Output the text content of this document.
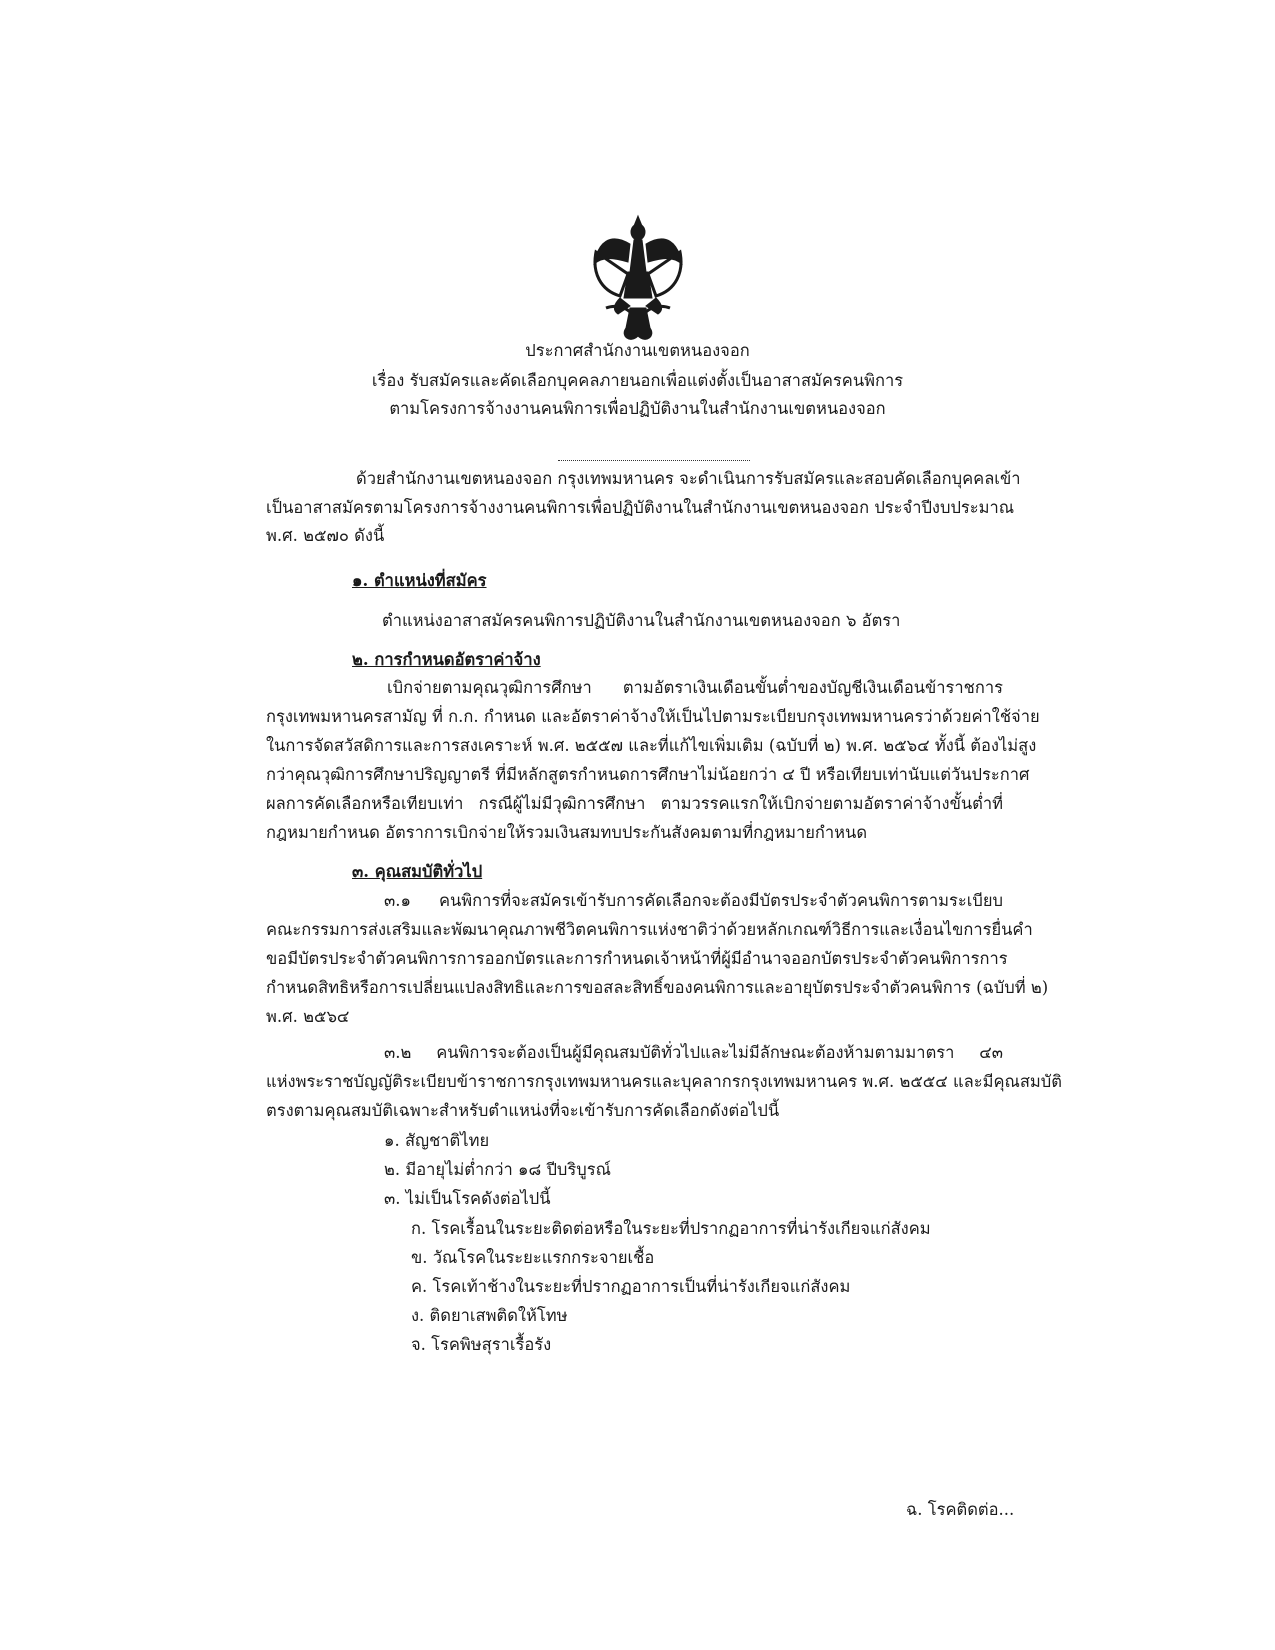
ประกาศสำนักงานเขตหนองจอก
เรื่อง รับสมัครและคัดเลือกบุคคลภายนอกเพื่อแต่งตั้งเป็นอาสาสมัครคนพิการ
ตามโครงการจ้างงานคนพิการเพื่อปฏิบัติงานในสำนักงานเขตหนองจอก
ด้วยสำนักงานเขตหนองจอก กรุงเทพมหานคร จะดำเนินการรับสมัครและสอบคัดเลือกบุคคลเข้า
เป็นอาสาสมัครตามโครงการจ้างงานคนพิการเพื่อปฏิบัติงานในสำนักงานเขตหนองจอก ประจำปีงบประมาณ
พ.ศ. ๒๕๗๐ ดังนี้
๑. ตำแหน่งที่สมัคร
ตำแหน่งอาสาสมัครคนพิการปฏิบัติงานในสำนักงานเขตหนองจอก ๖ อัตรา
๒. การกำหนดอัตราค่าจ้าง
เบิกจ่ายตามคุณวุฒิการศึกษา ตามอัตราเงินเดือนขั้นต่ำของบัญชีเงินเดือนข้าราชการ
กรุงเทพมหานครสามัญ ที่ ก.ก. กำหนด และอัตราค่าจ้างให้เป็นไปตามระเบียบกรุงเทพมหานครว่าด้วยค่าใช้จ่าย
ในการจัดสวัสดิการและการสงเคราะห์ พ.ศ. ๒๕๕๗ และที่แก้ไขเพิ่มเติม (ฉบับที่ ๒) พ.ศ. ๒๕๖๔ ทั้งนี้ ต้องไม่สูง
กว่าคุณวุฒิการศึกษาปริญญาตรี ที่มีหลักสูตรกำหนดการศึกษาไม่น้อยกว่า ๔ ปี หรือเทียบเท่านับแต่วันประกาศ
ผลการคัดเลือกหรือเทียบเท่า กรณีผู้ไม่มีวุฒิการศึกษา ตามวรรคแรกให้เบิกจ่ายตามอัตราค่าจ้างขั้นต่ำที่
กฎหมายกำหนด อัตราการเบิกจ่ายให้รวมเงินสมทบประกันสังคมตามที่กฎหมายกำหนด
๓. คุณสมบัติทั่วไป
๓.๑ คนพิการที่จะสมัครเข้ารับการคัดเลือกจะต้องมีบัตรประจำตัวคนพิการตามระเบียบ
คณะกรรมการส่งเสริมและพัฒนาคุณภาพชีวิตคนพิการแห่งชาติว่าด้วยหลักเกณฑ์วิธีการและเงื่อนไขการยื่นคำ
ขอมีบัตรประจำตัวคนพิการการออกบัตรและการกำหนดเจ้าหน้าที่ผู้มีอำนาจออกบัตรประจำตัวคนพิการการ
กำหนดสิทธิหรือการเปลี่ยนแปลงสิทธิและการขอสละสิทธิ์ของคนพิการและอายุบัตรประจำตัวคนพิการ (ฉบับที่ ๒)
พ.ศ. ๒๕๖๔
๓.๒ คนพิการจะต้องเป็นผู้มีคุณสมบัติทั่วไปและไม่มีลักษณะต้องห้ามตามมาตรา ๔๓
แห่งพระราชบัญญัติระเบียบข้าราชการกรุงเทพมหานครและบุคลากรกรุงเทพมหานคร พ.ศ. ๒๕๕๔ และมีคุณสมบัติ
ตรงตามคุณสมบัติเฉพาะสำหรับตำแหน่งที่จะเข้ารับการคัดเลือกดังต่อไปนี้
๑. สัญชาติไทย
๒. มีอายุไม่ต่ำกว่า ๑๘ ปีบริบูรณ์
๓. ไม่เป็นโรคดังต่อไปนี้
ก. โรคเรื้อนในระยะติดต่อหรือในระยะที่ปรากฏอาการที่น่ารังเกียจแก่สังคม
ข. วัณโรคในระยะแรกกระจายเชื้อ
ค. โรคเท้าช้างในระยะที่ปรากฏอาการเป็นที่น่ารังเกียจแก่สังคม
ง. ติดยาเสพติดให้โทษ
จ. โรคพิษสุราเรื้อรัง
ฉ. โรคติดต่อ...
